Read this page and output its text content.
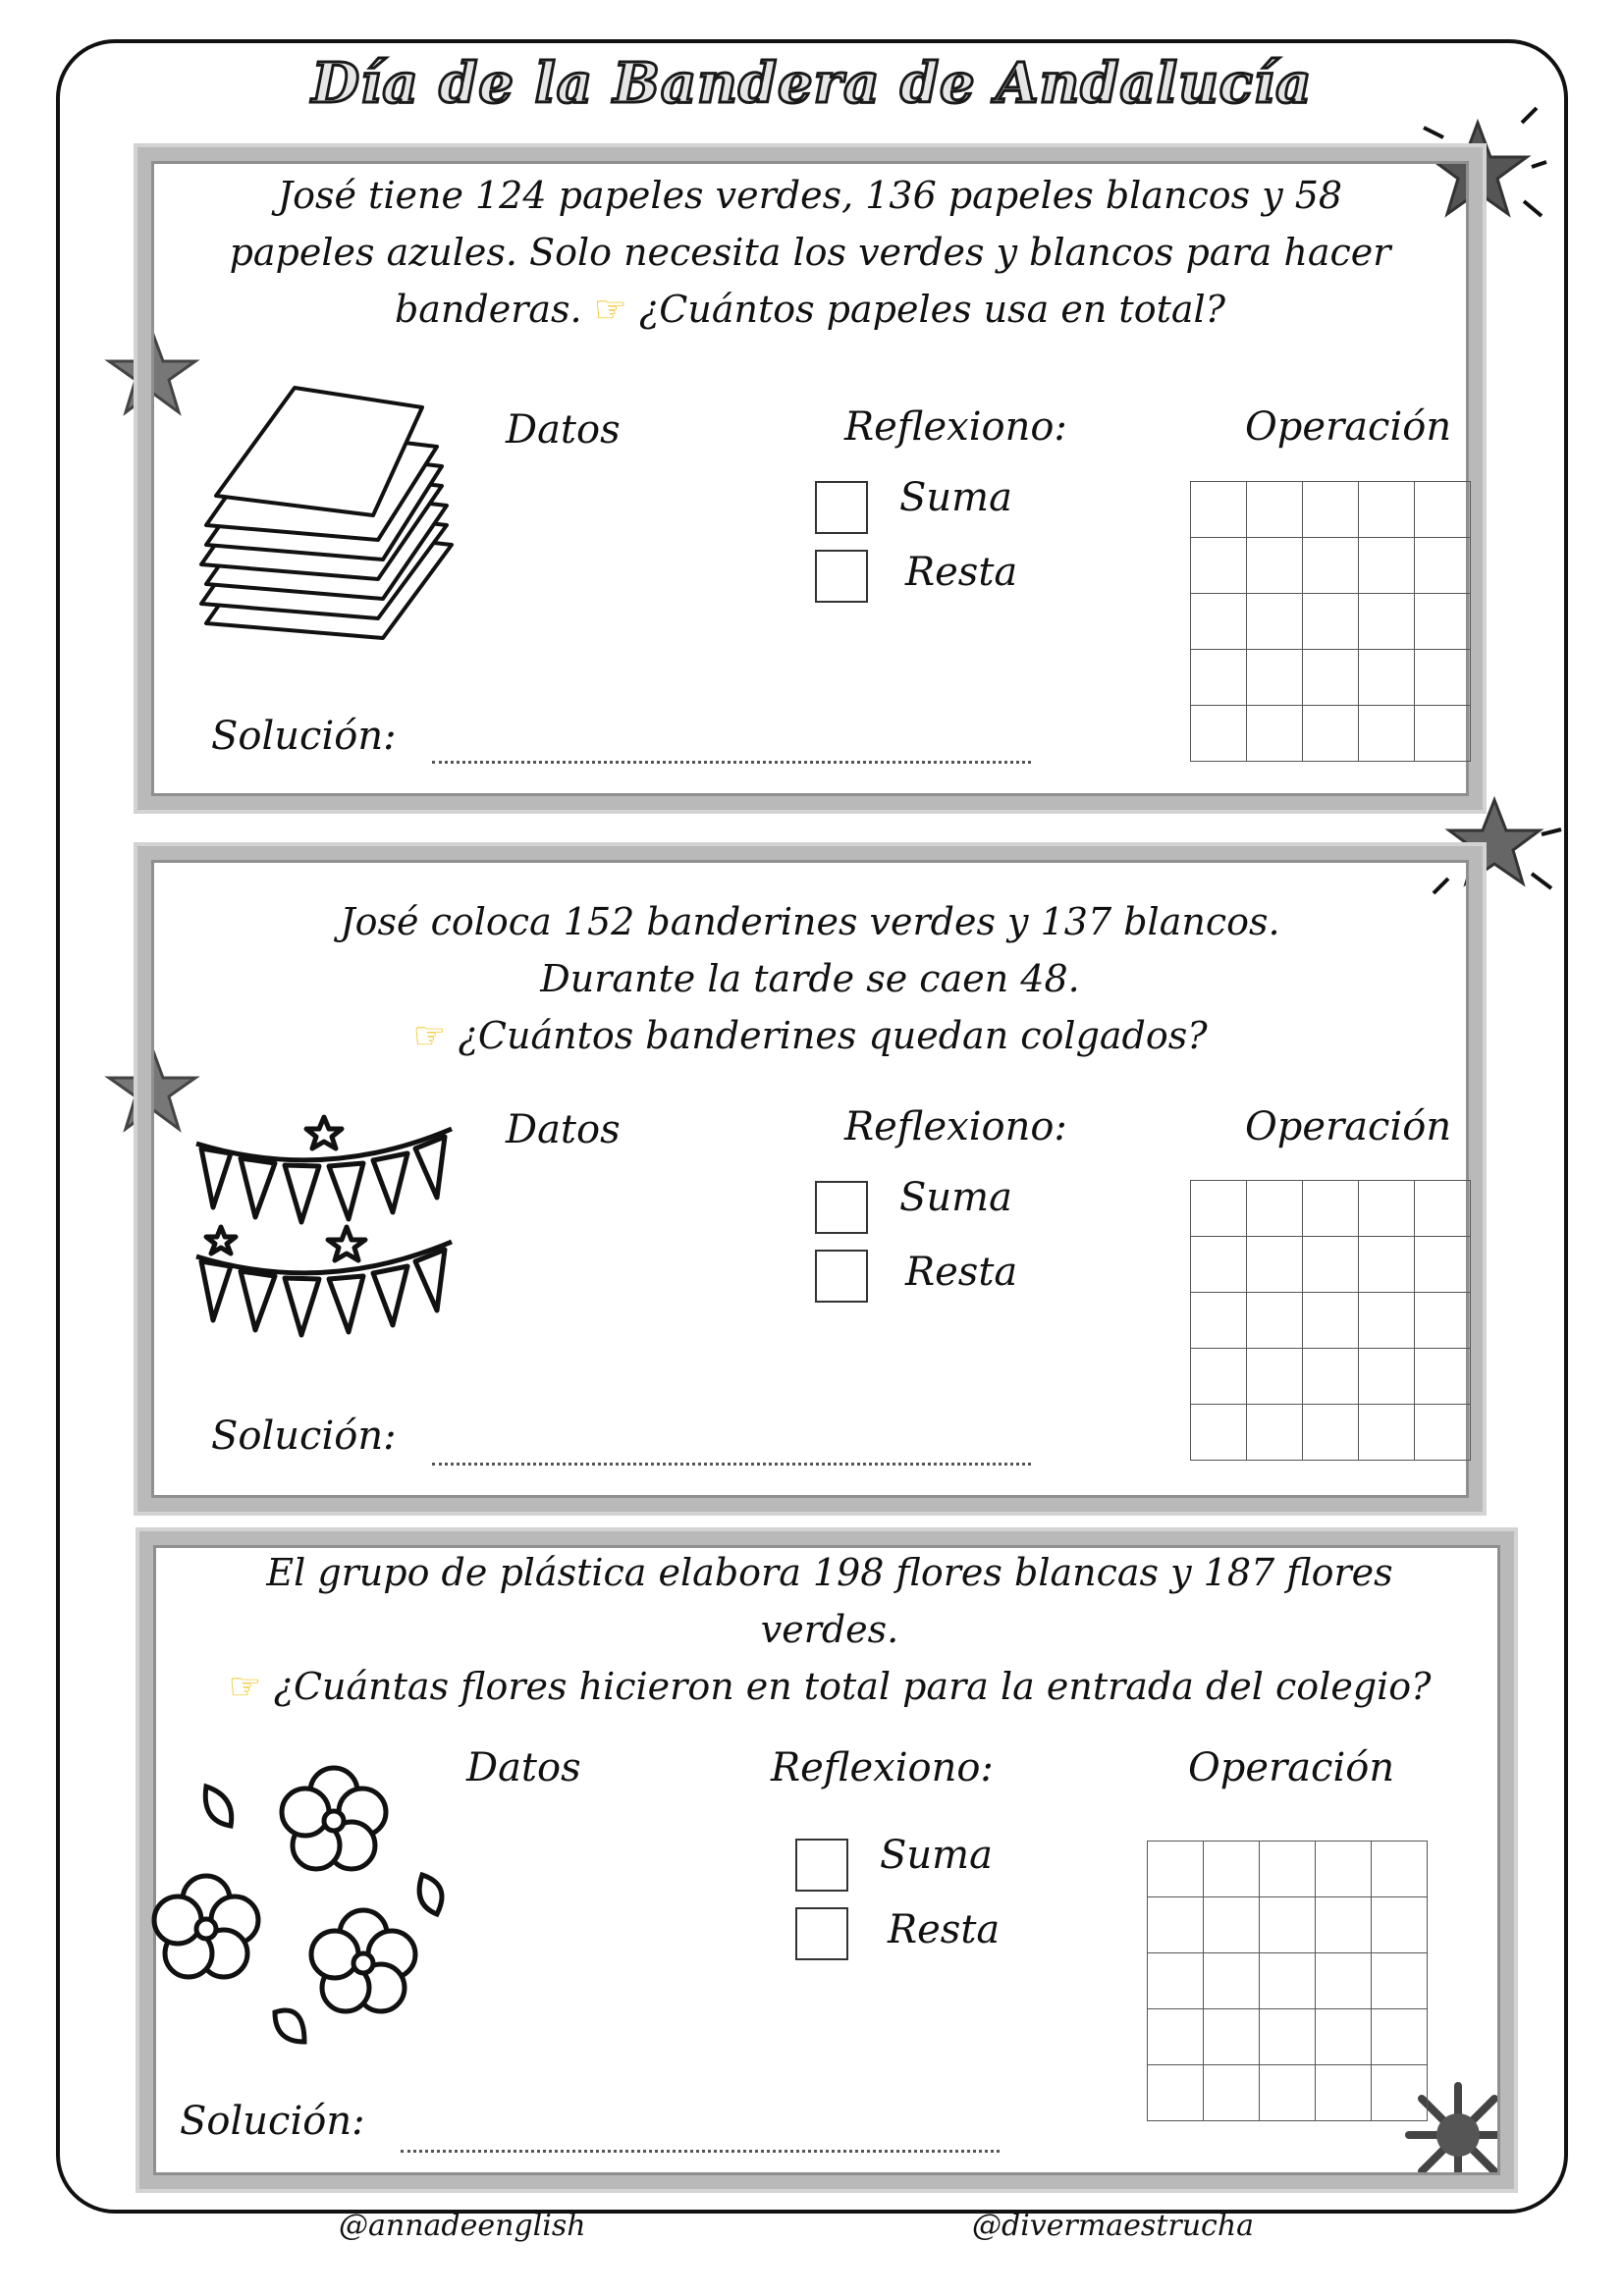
Día de la Bandera de Andalucía
José tiene 124 papeles verdes, 136 papeles blancos y 58
papeles azules. Solo necesita los verdes y blancos para hacer
banderas. ☞ ¿Cuántos papeles usa en total?
Datos	Reflexiono:	Operación
Suma
Resta

Solución:
José coloca 152 banderines verdes y 137 blancos.
Durante la tarde se caen 48.
☞ ¿Cuántos banderines quedan colgados?
Datos	Reflexiono:	Operación
Suma
Resta

Solución:
El grupo de plástica elabora 198 flores blancas y 187 flores
verdes.
☞ ¿Cuántas flores hicieron en total para la entrada del colegio?
Datos	Reflexiono:	Operación
Suma
Resta

Solución:
@annadeenglish	@divermaestrucha
